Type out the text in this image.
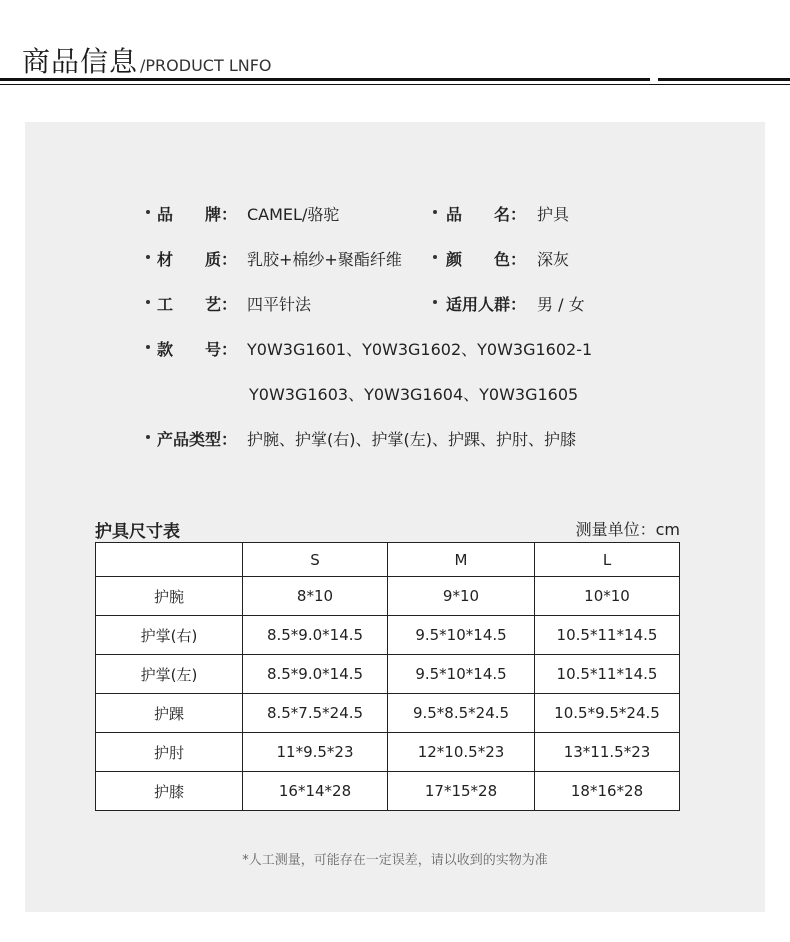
商品信息 /PRODUCT LNFO
品　　牌： CAMEL/骆驼	品　　名： 护具
材　　质： 乳胶+棉纱+聚酯纤维	颜　　色： 深灰
工　　艺： 四平针法	适用人群： 男 / 女
款　　号： Y0W3G1601、Y0W3G1602、Y0W3G1602-1
Y0W3G1603、Y0W3G1604、Y0W3G1605
产品类型： 护腕、护掌(右)、护掌(左)、护踝、护肘、护膝
护具尺寸表	测量单位：cm
	S	M	L
护腕	8*10	9*10	10*10
护掌(右)	8.5*9.0*14.5	9.5*10*14.5	10.5*11*14.5
护掌(左)	8.5*9.0*14.5	9.5*10*14.5	10.5*11*14.5
护踝	8.5*7.5*24.5	9.5*8.5*24.5	10.5*9.5*24.5
护肘	11*9.5*23	12*10.5*23	13*11.5*23
护膝	16*14*28	17*15*28	18*16*28
*人工测量，可能存在一定误差，请以收到的实物为准
